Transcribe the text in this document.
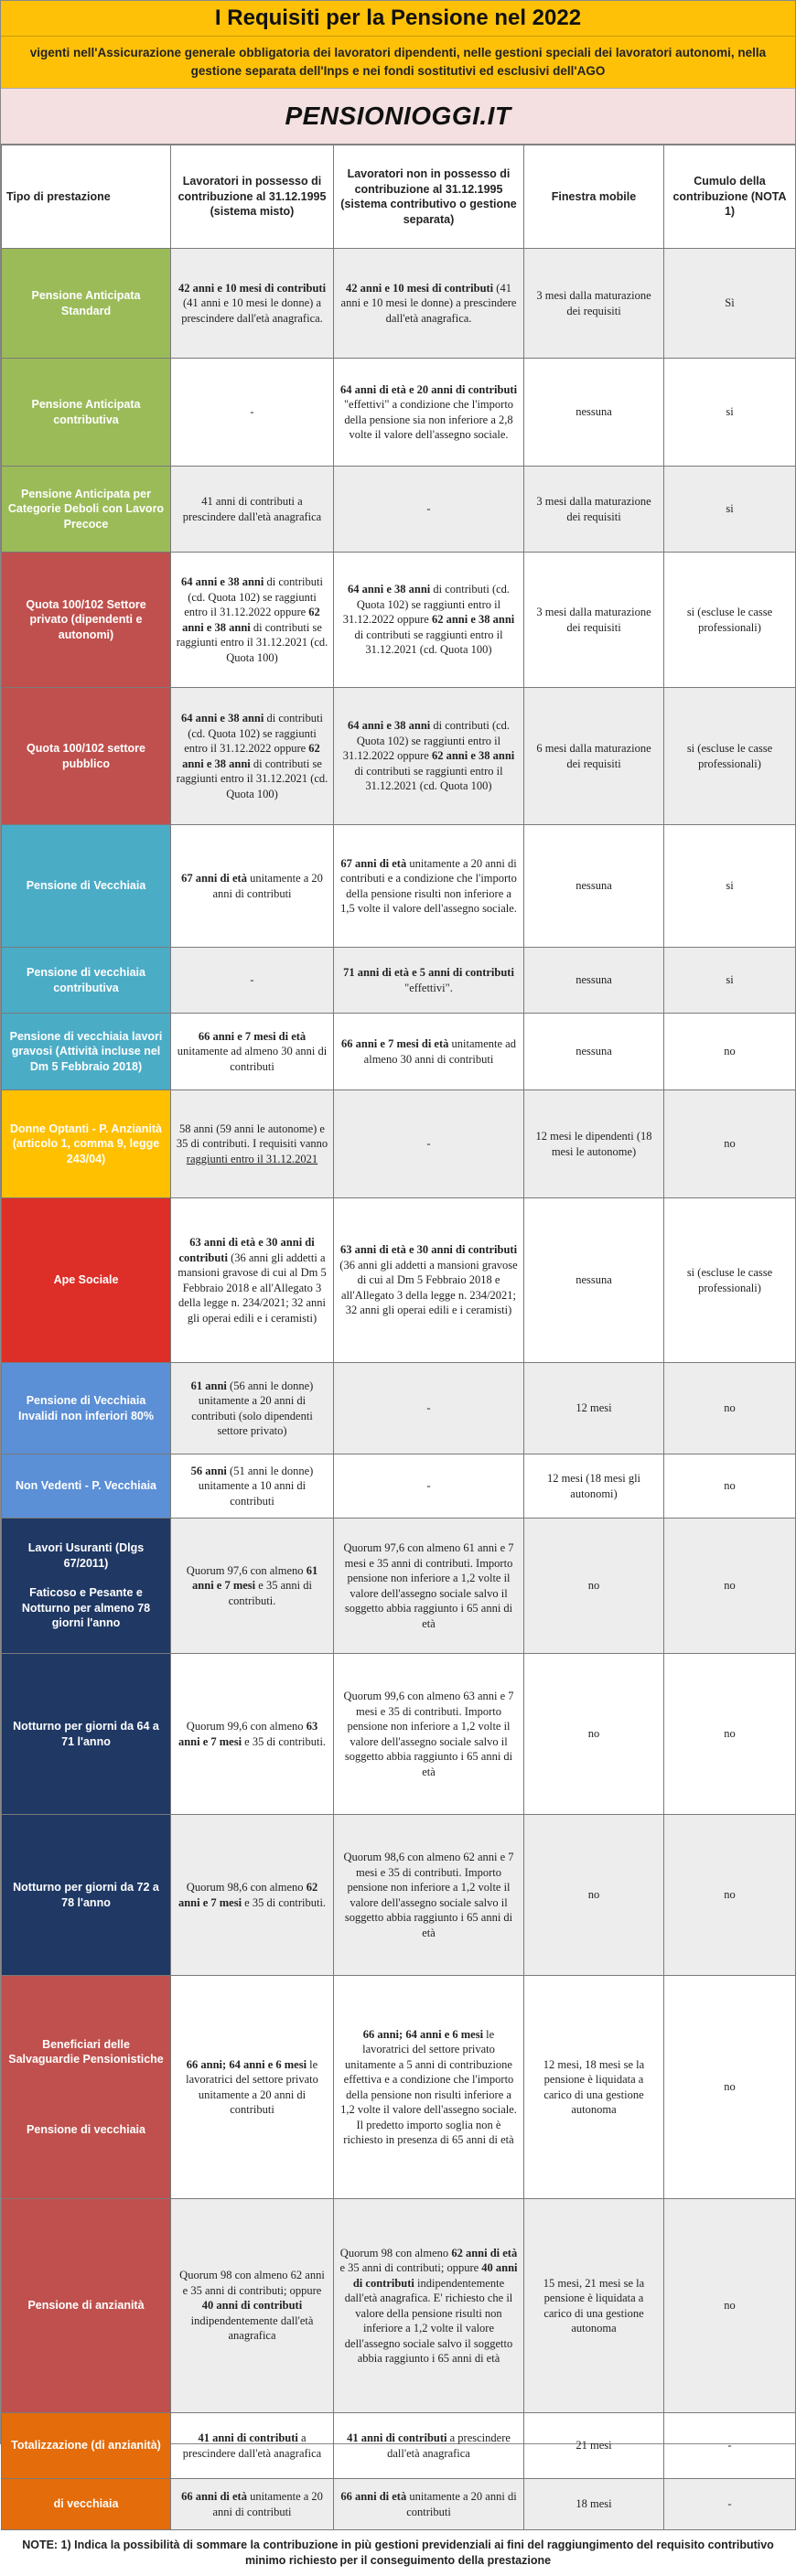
I Requisiti per la Pensione nel 2022
vigenti nell'Assicurazione generale obbligatoria dei lavoratori dipendenti, nelle gestioni speciali dei lavoratori autonomi, nella gestione separata dell'Inps e nei fondi sostitutivi ed esclusivi dell'AGO
PENSIONIOGGI.IT
Tipo di prestazione	Lavoratori in possesso di contribuzione al 31.12.1995 (sistema misto)	Lavoratori non in possesso di contribuzione al 31.12.1995 (sistema contributivo o gestione separata)	Finestra mobile	Cumulo della contribuzione (NOTA 1)
Pensione Anticipata Standard	42 anni e 10 mesi di contributi (41 anni e 10 mesi le donne) a prescindere dall'età anagrafica.	42 anni e 10 mesi di contributi (41 anni e 10 mesi le donne) a prescindere dall'età anagrafica.	3 mesi dalla maturazione dei requisiti	Sì
Pensione Anticipata contributiva	-	64 anni di età e 20 anni di contributi "effettivi" a condizione che l'importo della pensione sia non inferiore a 2,8 volte il valore dell'assegno sociale.	nessuna	si
Pensione Anticipata per Categorie Deboli con Lavoro Precoce	41 anni di contributi a prescindere dall'età anagrafica	-	3 mesi dalla maturazione dei requisiti	si
Quota 100/102 Settore privato (dipendenti e autonomi)	64 anni e 38 anni di contributi (cd. Quota 102) se raggiunti entro il 31.12.2022 oppure 62 anni e 38 anni di contributi se raggiunti entro il 31.12.2021 (cd. Quota 100)	64 anni e 38 anni di contributi (cd. Quota 102) se raggiunti entro il 31.12.2022 oppure 62 anni e 38 anni di contributi se raggiunti entro il 31.12.2021 (cd. Quota 100)	3 mesi dalla maturazione dei requisiti	si (escluse le casse professionali)
Quota 100/102 settore pubblico	64 anni e 38 anni di contributi (cd. Quota 102) se raggiunti entro il 31.12.2022 oppure 62 anni e 38 anni di contributi se raggiunti entro il 31.12.2021 (cd. Quota 100)	64 anni e 38 anni di contributi (cd. Quota 102) se raggiunti entro il 31.12.2022 oppure 62 anni e 38 anni di contributi se raggiunti entro il 31.12.2021 (cd. Quota 100)	6 mesi dalla maturazione dei requisiti	si (escluse le casse professionali)
Pensione di Vecchiaia	67 anni di età unitamente a 20 anni di contributi	67 anni di età unitamente a 20 anni di contributi e a condizione che l'importo della pensione risulti non inferiore a 1,5 volte il valore dell'assegno sociale.	nessuna	si
Pensione di vecchiaia contributiva	-	71 anni di età e 5 anni di contributi "effettivi".	nessuna	si
Pensione di vecchiaia lavori gravosi (Attività incluse nel Dm 5 Febbraio 2018)	66 anni e 7 mesi di età unitamente ad almeno 30 anni di contributi	66 anni e 7 mesi di età unitamente ad almeno 30 anni di contributi	nessuna	no
Donne Optanti - P. Anzianità (articolo 1, comma 9, legge 243/04)	58 anni (59 anni le autonome) e 35 di contributi. I requisiti vanno raggiunti entro il 31.12.2021	-	12 mesi le dipendenti (18 mesi le autonome)	no
Ape Sociale	63 anni di età e 30 anni di contributi (36 anni gli addetti a mansioni gravose di cui al Dm 5 Febbraio 2018 e all'Allegato 3 della legge n. 234/2021; 32 anni gli operai edili e i ceramisti)	63 anni di età e 30 anni di contributi (36 anni gli addetti a mansioni gravose di cui al Dm 5 Febbraio 2018 e all'Allegato 3 della legge n. 234/2021; 32 anni gli operai edili e i ceramisti)	nessuna	si (escluse le casse professionali)
Pensione di Vecchiaia Invalidi non inferiori 80%	61 anni (56 anni le donne) unitamente a 20 anni di contributi (solo dipendenti settore privato)	-	12 mesi	no
Non Vedenti - P. Vecchiaia	56 anni (51 anni le donne) unitamente a 10 anni di contributi	-	12 mesi (18 mesi gli autonomi)	no

Lavori Usuranti (Dlgs 67/2011)
Faticoso e Pesante e Notturno per almeno 78 giorni l'anno	Quorum 97,6 con almeno 61 anni e 7 mesi e 35 anni di contributi.	Quorum 97,6 con almeno 61 anni e 7 mesi e 35 anni di contributi. Importo pensione non inferiore a 1,2 volte il valore dell'assegno sociale salvo il soggetto abbia raggiunto i 65 anni di età	no	no
Notturno per giorni da 64 a 71 l'anno	Quorum 99,6 con almeno 63 anni e 7 mesi e 35 di contributi.	Quorum 99,6 con almeno 63 anni e 7 mesi e 35 di contributi. Importo pensione non inferiore a 1,2 volte il valore dell'assegno sociale salvo il soggetto abbia raggiunto i 65 anni di età	no	no
Notturno per giorni da 72 a 78 l'anno	Quorum 98,6 con almeno 62 anni e 7 mesi e 35 di contributi.	Quorum 98,6 con almeno 62 anni e 7 mesi e 35 di contributi. Importo pensione non inferiore a 1,2 volte il valore dell'assegno sociale salvo il soggetto abbia raggiunto i 65 anni di età	no	no

Beneficiari delle Salvaguardie Pensionistiche
Pensione di vecchiaia	66 anni; 64 anni e 6 mesi le lavoratrici del settore privato unitamente a 20 anni di contributi	66 anni; 64 anni e 6 mesi le lavoratrici del settore privato unitamente a 5 anni di contribuzione effettiva e a condizione che l'importo della pensione non risulti inferiore a 1,2 volte il valore dell'assegno sociale. Il predetto importo soglia non è richiesto in presenza di 65 anni di età	12 mesi, 18 mesi se la pensione è liquidata a carico di una gestione autonoma	no
Pensione di anzianità	Quorum 98 con almeno 62 anni e 35 anni di contributi; oppure 40 anni di contributi indipendentemente dall'età anagrafica	Quorum 98 con almeno 62 anni di età e 35 anni di contributi; oppure 40 anni di contributi indipendentemente dall'età anagrafica. E' richiesto che il valore della pensione risulti non inferiore a 1,2 volte il valore dell'assegno sociale salvo il soggetto abbia raggiunto i 65 anni di età	15 mesi, 21 mesi se la pensione è liquidata a carico di una gestione autonoma	no
Totalizzazione (di anzianità)	41 anni di contributi a prescindere dall'età anagrafica	41 anni di contributi a prescindere dall'età anagrafica	21 mesi	-
di vecchiaia	66 anni di età unitamente a 20 anni di contributi	66 anni di età unitamente a 20 anni di contributi	18 mesi	-
NOTE: 1) Indica la possibilità di sommare la contribuzione in più gestioni previdenziali ai fini del raggiungimento del requisito contributivo minimo richiesto per il conseguimento della prestazione
